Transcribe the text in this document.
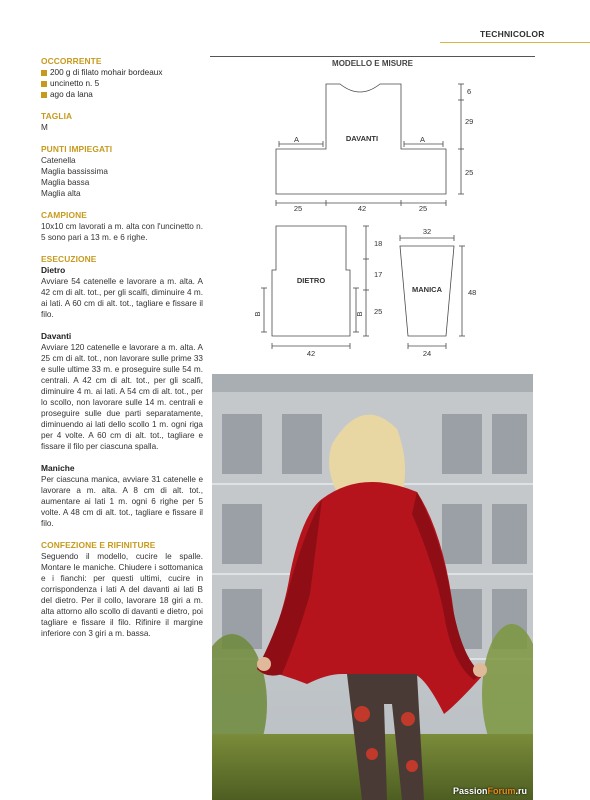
TECHNICOLOR
OCCORRENTE
200 g di filato mohair bordeaux
uncinetto n. 5
ago da lana
TAGLIA
M
PUNTI IMPIEGATI
Catenella
Maglia bassissima
Maglia bassa
Maglia alta
CAMPIONE
10x10 cm lavorati a m. alta con l'uncinetto n. 5 sono pari a 13 m. e 6 righe.
ESECUZIONE
Dietro
Avviare 54 catenelle e lavorare a m. alta. A 42 cm di alt. tot., per gli scalfi, diminuire 4 m. ai lati. A 60 cm di alt. tot., tagliare e fissare il filo.
Davanti
Avviare 120 catenelle e lavorare a m. alta. A 25 cm di alt. tot., non lavorare sulle prime 33 e sulle ultime 33 m. e proseguire sulle 54 m. centrali. A 42 cm di alt. tot., per gli scalfi, diminuire 4 m. ai lati. A 54 cm di alt. tot., per lo scollo, non lavorare sulle 14 m. centrali e proseguire sulle due parti separatamente, diminuendo ai lati dello scollo 1 m. ogni riga per 4 volte. A 60 cm di alt. tot., tagliare e fissare il filo per ciascuna spalla.
Maniche
Per ciascuna manica, avviare 31 catenelle e lavorare a m. alta. A 8 cm di alt. tot., aumentare ai lati 1 m. ogni 6 righe per 5 volte. A 48 cm di alt. tot., tagliare e fissare il filo.
CONFEZIONE E RIFINITURE
Seguendo il modello, cucire le spalle. Montare le maniche. Chiudere i sottomanica e i fianchi: per questi ultimi, cucire in corrispondenza i lati A del davanti ai lati B del dietro. Per il collo, lavorare 18 giri a m. alta attorno allo scollo di davanti e dietro, poi tagliare e fissare il filo. Rifinire il margine inferiore con 3 giri a m. bassa.
MODELLO E MISURE
DAVANTI
A	A
25	42	25
6
29
25
DIETRO
B	B
18
17
25
42
MANICA
32
48
24
PassionForum.ru
